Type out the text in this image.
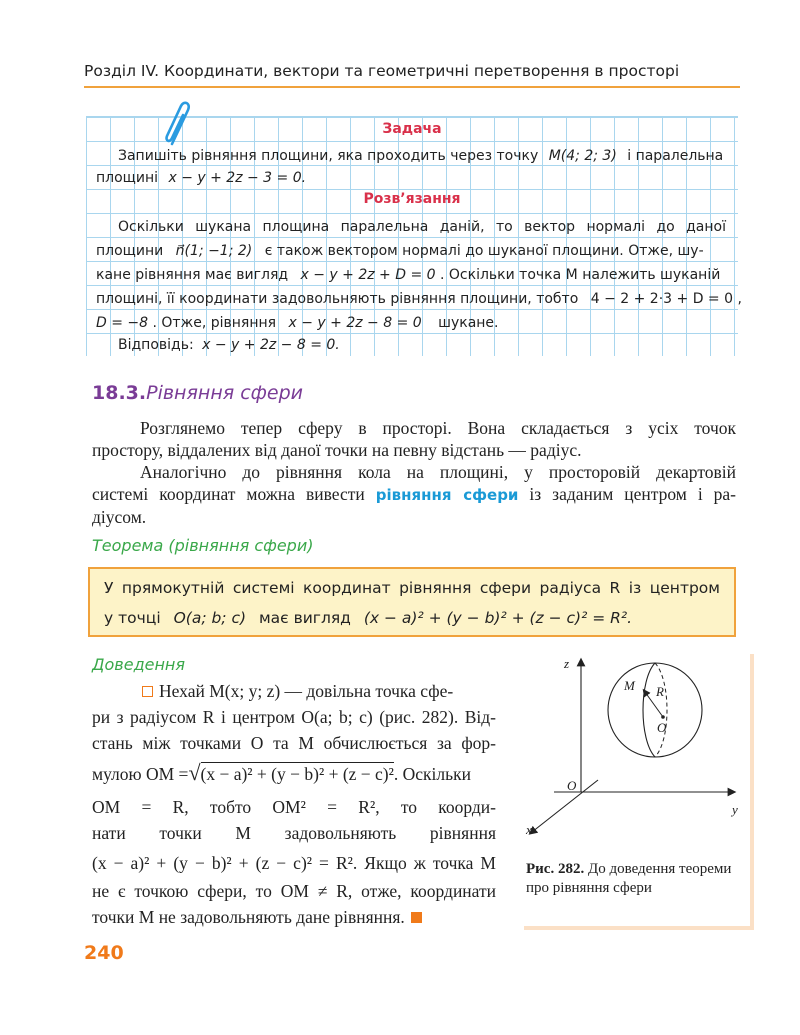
Розділ IV. Координати, вектори та геометричні перетворення в просторі
Задача
Запишіть рівняння площини, яка проходить через точку M(4; 2; 3) і паралельна
площині x − y + 2z − 3 = 0.
Розв’язання
Оскільки шукана площина паралельна даній, то вектор нормалі до даної
площини n⃗(1; −1; 2) є також вектором нормалі до шуканої площини. Отже, шу-
кане рівняння має вигляд x − y + 2z + D = 0 . Оскільки точка M належить шуканій
площині, її координати задовольняють рівняння площини, тобто 4 − 2 + 2·3 + D = 0 ,
D = −8 . Отже, рівняння x − y + 2z − 8 = 0 шукане.
Відповідь: x − y + 2z − 8 = 0.
18.3.Рівняння сфери
Розглянемо тепер сферу в просторі. Вона складається з усіх точок
простору, віддалених від даної точки на певну відстань — радіус.
Аналогічно до рівняння кола на площині, у просторовій декартовій
системі координат можна вивести рівняння сфери із заданим центром і ра-
діусом.
Теорема (рівняння сфери)
У прямокутній системі координат рівняння сфери радіуса R із центром
у точці O(a; b; c) має вигляд (x − a)² + (y − b)² + (z − c)² = R².
Доведення
Нехай M(x; y; z) — довільна точка сфе-
ри з радіусом R і центром O(a; b; c) (рис. 282). Від-
стань між точками O та M обчислюється за фор-
мулою OM =√(x − a)² + (y − b)² + (z − c)². Оскільки
OM = R, тобто OM² = R², то коорди-
нати точки M задовольняють рівняння
(x − a)² + (y − b)² + (z − c)² = R². Якщо ж точка M
не є точкою сфери, то OM ≠ R, отже, координати
точки M не задовольняють дане рівняння.
z
y
x
O
M R
O
Рис. 282. До доведення теореми про рівняння сфери
240
